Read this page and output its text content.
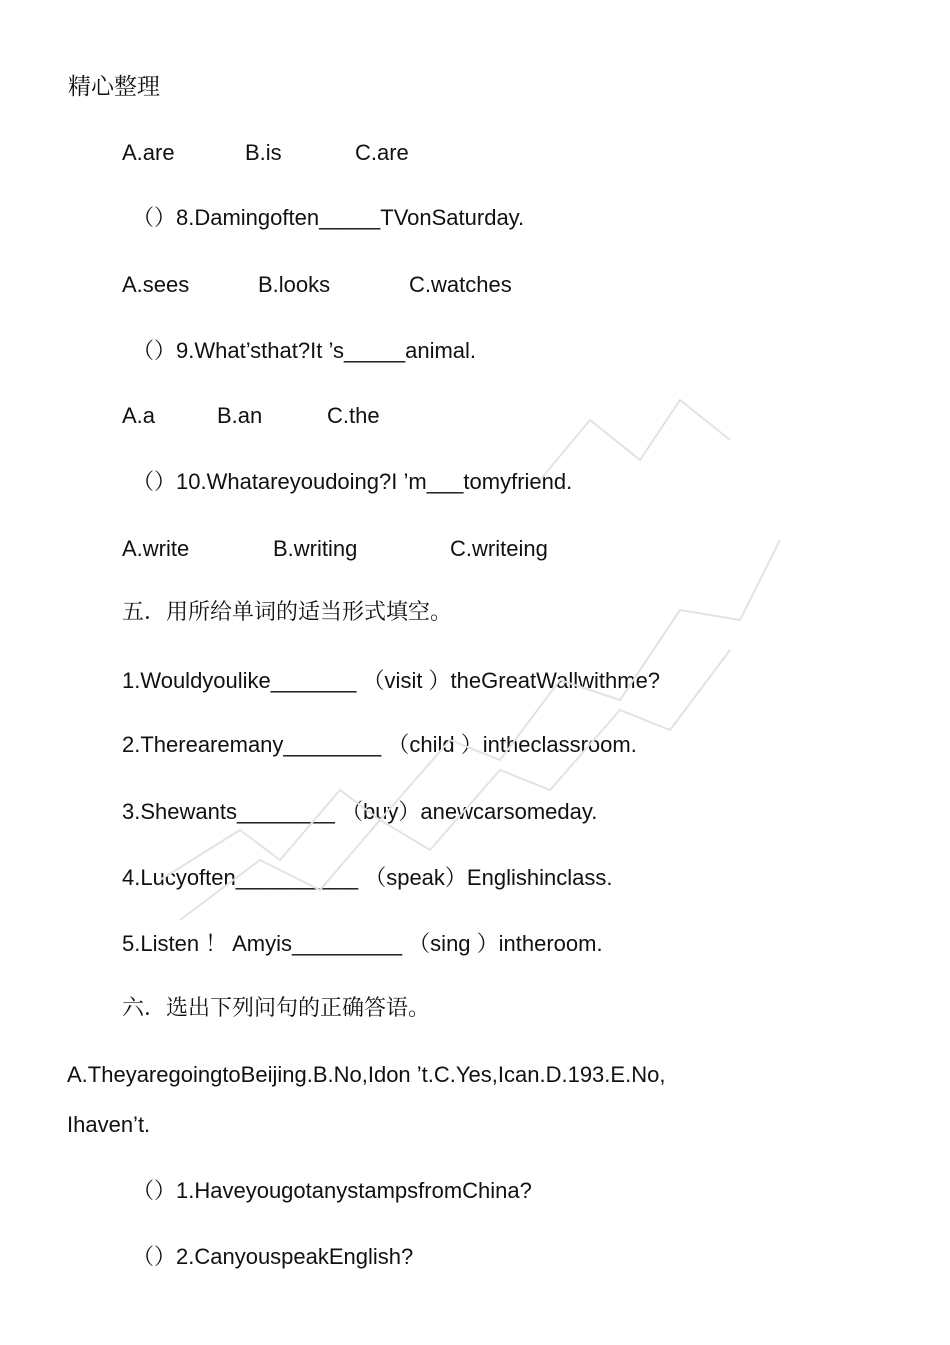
精心整理
A.are	B.is	C.are
（）8.Damingoften_____TVonSaturday.
A.sees	B.looks	C.watches
（）9.What’sthat?It ’s_____animal.
A.a	B.an	C.the
（）10.Whatareyoudoing?I ’m___tomyfriend.
A.write	B.writing	C.writeing
五．用所给单词的适当形式填空。
1.Wouldyoulike_______ （visit ）theGreatWallwithme?
2.Therearemany________ （child ）intheclassroom.
3.Shewants________ （buy）anewcarsomeday.
4.Lucyoften__________ （speak）Englishinclass.
5.Listen ！ Amyis_________ （sing ）intheroom.
六．选出下列问句的正确答语。
A.TheyaregoingtoBeijing.B.No,Idon ’t.C.Yes,Ican.D.193.E.No,
Ihaven’t.
（）1.HaveyougotanystampsfromChina?
（）2.CanyouspeakEnglish?
